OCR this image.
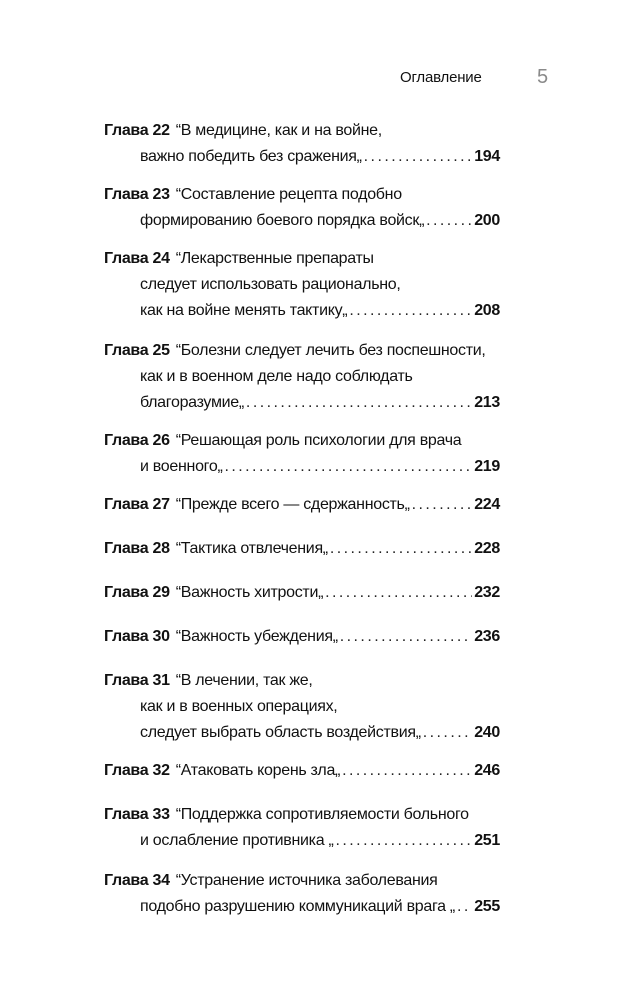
Оглавление	5
Глава 22 “В медицине, как и на войне,
важно победить без сражения„ . . .	194
Глава 23 “Составление рецепта подобно
формированию боевого порядка войск„ . . .	200
Глава 24 “Лекарственные препараты
следует использовать рационально,
как на войне менять тактику„ . . .	208
Глава 25 “Болезни следует лечить без поспешности,
как и в военном деле надо соблюдать
благоразумие„ . . .	213
Глава 26 “Решающая роль психологии для врача
и военного„ . . .	219
Глава 27 “Прежде всего — сдержанность„ . . .	224
Глава 28 “Тактика отвлечения„ . . .	228
Глава 29 “Важность хитрости„ . . .	232
Глава 30 “Важность убеждения„ . . .	236
Глава 31 “В лечении, так же,
как и в военных операциях,
следует выбрать область воздействия„ . . .	240
Глава 32 “Атаковать корень зла„ . . .	246
Глава 33 “Поддержка сопротивляемости больного
и ослабление противника „ . . .	251
Глава 34 “Устранение источника заболевания
подобно разрушению коммуникаций врага „ . . . 255
